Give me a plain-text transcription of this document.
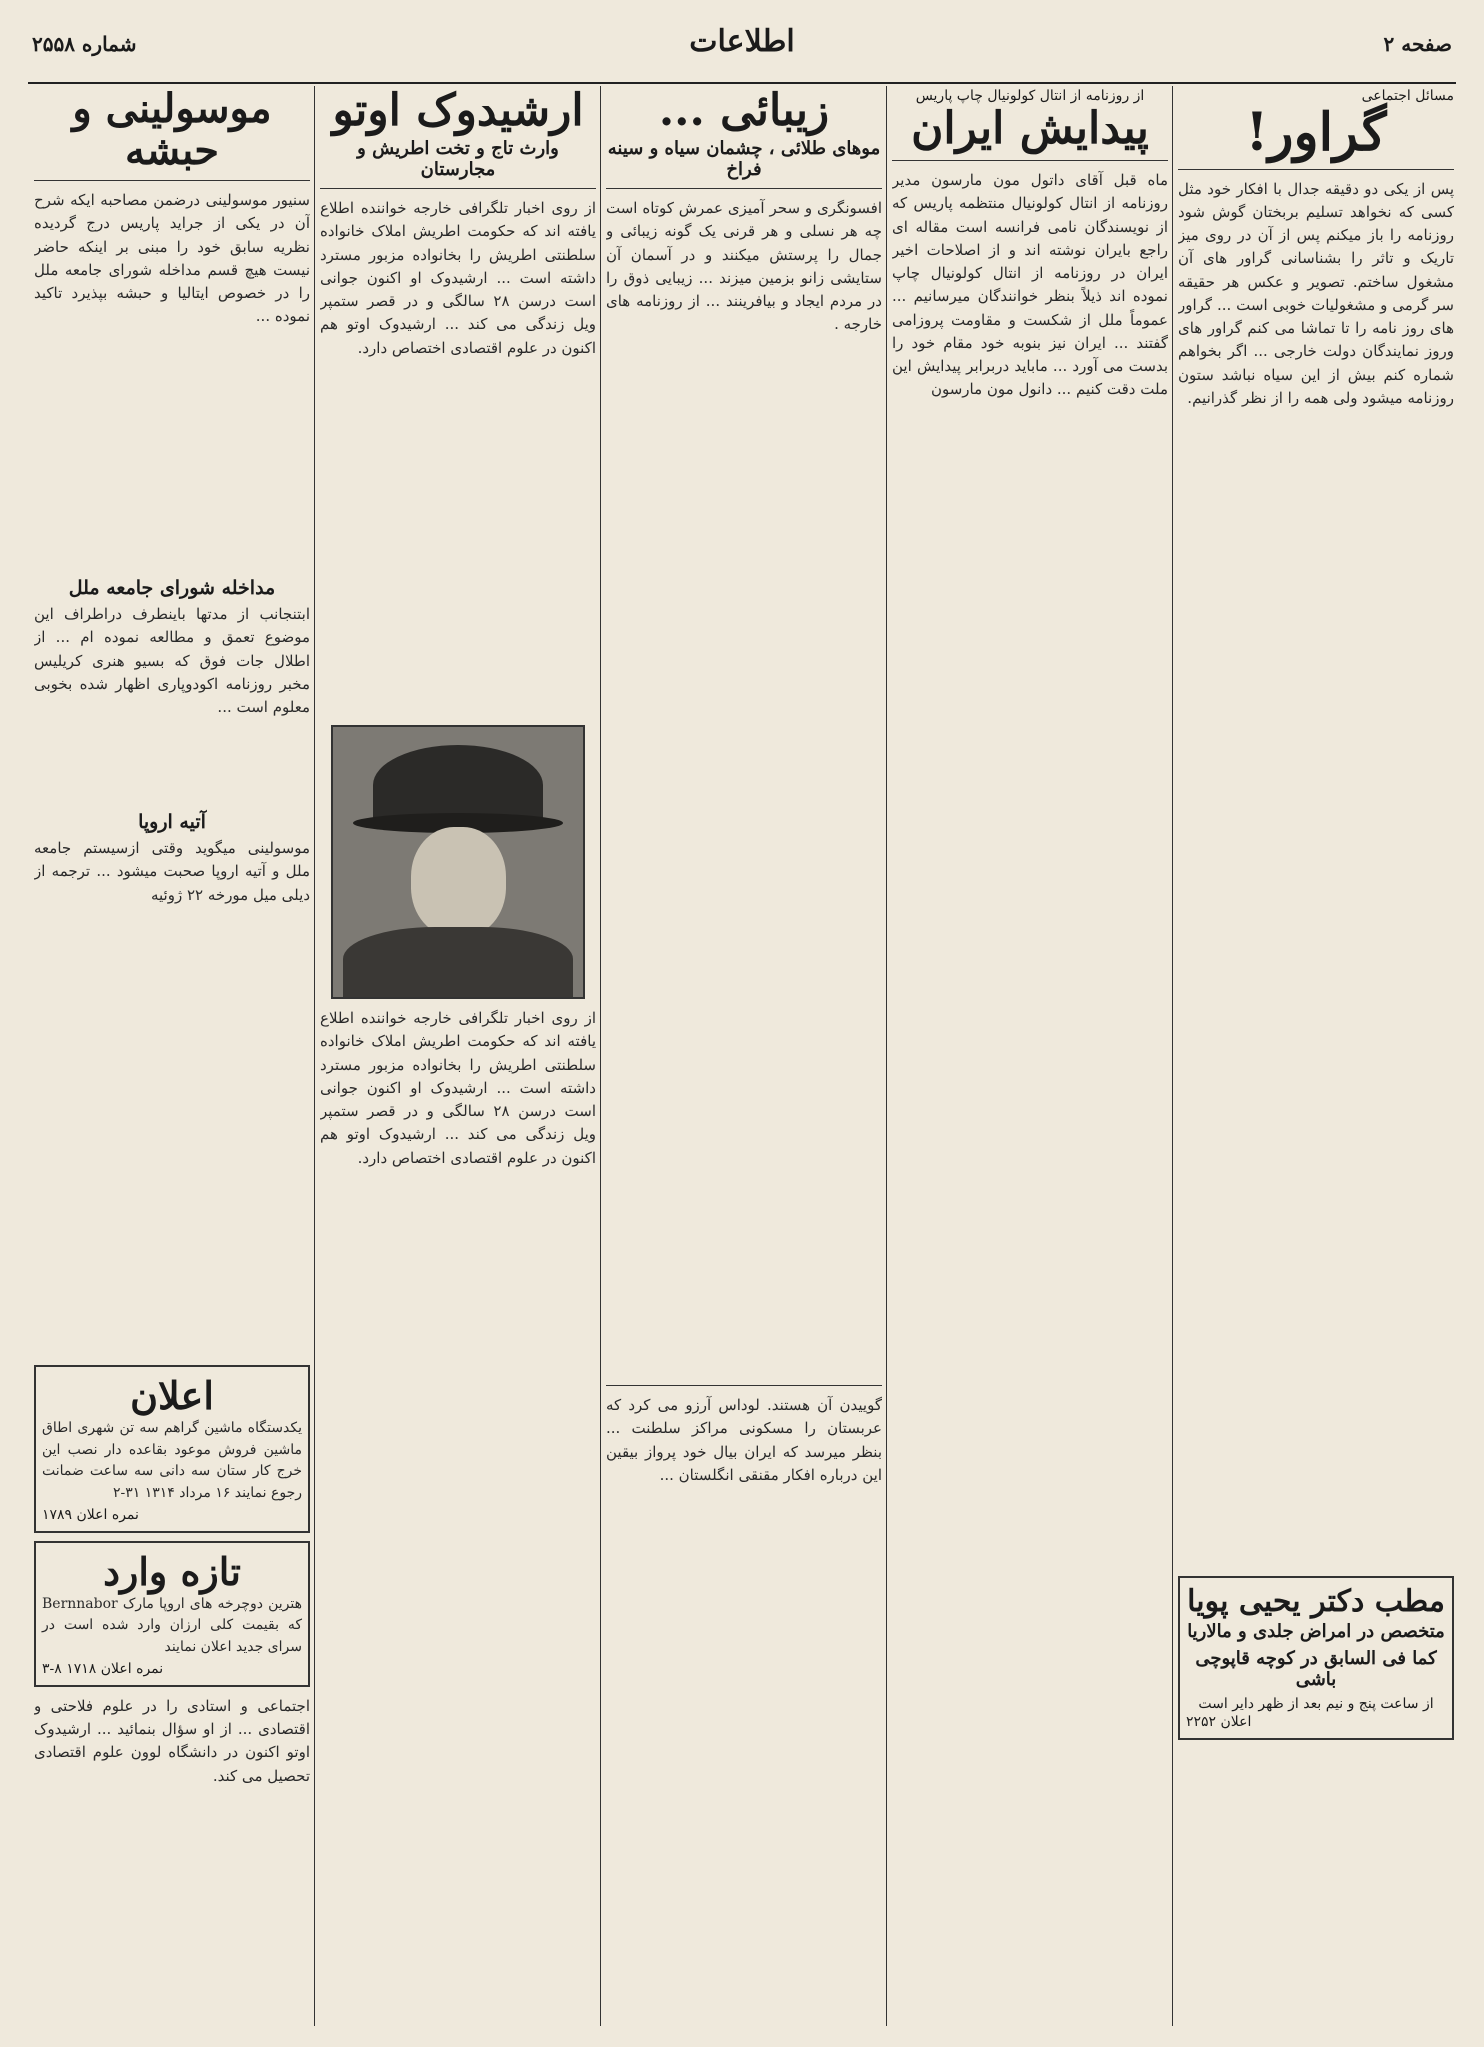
شماره ۲۵۵۸	اطلاعات	صفحه ۲
مسائل اجتماعی
گراور!

پس از یکی دو دقیقه جدال با افکار خود مثل کسی که نخواهد تسلیم بربختان گوش شود روزنامه را باز میکنم پس از آن در روی میز تاریک و تاثر را بشناسانی گراور های آن مشغول ساختم. تصویر و عکس هر حقیقه سر گرمی و مشغولیات خوبی است ... گراور های روز نامه را تا تماشا می کنم گراور های وروز نمایندگان دولت خارجی ... اگر بخواهم شماره کنم بیش از این سیاه نباشد ستون روزنامه میشود ولی همه را از نظر گذرانیم.

مطب دکتر یحیی پویا
متخصص در امراض جلدی و مالاریا
کما فی السابق در کوچه قاپوچی باشی
از ساعت پنج و نیم بعد از ظهر دایر است
اعلان ۲۲۵۲
از روزنامه از انتال کولونیال چاپ پاریس
پیدایش ایران

ماه قبل آقای داتول مون مارسون مدیر روزنامه از انتال کولونیال منتظمه پاریس که از نویسندگان نامی فرانسه است مقاله ای راجع بایران نوشته اند و از اصلاحات اخیر ایران در روزنامه از انتال کولونیال چاپ نموده اند ذیلاً بنظر خوانندگان میرسانیم ... عموماً ملل از شکست و مقاومت پروزامی گفتند ... ایران نیز بنوبه خود مقام خود را بدست می آورد ... ماباید دربرابر پیدایش این ملت دقت کنیم ... دانول مون مارسون

زیبائی ...
موهای طلائی ، چشمان سیاه و سینه فراخ

افسونگری و سحر آمیزی عمرش کوتاه است چه هر نسلی و هر قرنی یک گونه زیبائی و جمال را پرستش میکنند و در آسمان آن ستایشی زانو بزمین میزند ... زیبایی ذوق را در مردم ایجاد و بیافرینند ... از روزنامه های خارجه .

گوییدن آن هستند. لوداس آرزو می کرد که عربستان را مسکونی مراکز سلطنت ... بنظر میرسد که ایران بیال خود پرواز بیقین این درباره افکار مقنقی انگلستان ...

ارشیدوک اوتو
وارث تاج و تخت اطریش و مجارستان

از روی اخبار تلگرافی خارجه خواننده اطلاع یافته اند که حکومت اطریش املاک خانواده سلطنتی اطریش را بخانواده مزبور مسترد داشته است ... ارشیدوک او اکنون جوانی است درسن ۲۸ سالگی و در قصر ستمپر ویل زندگی می کند ... ارشیدوک اوتو هم اکنون در علوم اقتصادی اختصاص دارد.

از روی اخبار تلگرافی خارجه خواننده اطلاع یافته اند که حکومت اطریش املاک خانواده سلطنتی اطریش را بخانواده مزبور مسترد داشته است ... ارشیدوک او اکنون جوانی است درسن ۲۸ سالگی و در قصر ستمپر ویل زندگی می کند ... ارشیدوک اوتو هم اکنون در علوم اقتصادی اختصاص دارد.

موسولینی و حبشه

سنیور موسولینی درضمن مصاحبه ایکه شرح آن در یکی از جراید پاریس درج گردیده نظریه سابق خود را مبنی بر اینکه حاضر نیست هیچ قسم مداخله شورای جامعه ملل را در خصوص ایتالیا و حبشه بپذیرد تاکید نموده ...

مداخله شورای جامعه ملل

ابتنجانب از مدتها باینطرف دراطراف این موضوع تعمق و مطالعه نموده ام ... از اطلال جات فوق که بسیو هنری کریلیس مخبر روزنامه اکودوپاری اظهار شده بخوبی معلوم است ...

آتیه اروپا

موسولینی میگوید وقتی ازسیستم جامعه ملل و آتیه اروپا صحبت میشود ... ترجمه از دیلی میل مورخه ۲۲ ژوئیه

اعلان

یکدستگاه ماشین گراهم سه تن شهری اطاق ماشین فروش موعود بقاعده دار نصب این خرج کار ستان سه دانی سه ساعت ضمانت رجوع نمایند ۱۶ مرداد ۱۳۱۴ ۳۱-۲

نمره اعلان ۱۷۸۹
تازه وارد

هترین دوچرخه های اروپا مارک Bernnabor که بقیمت کلی ارزان وارد شده است در سرای جدید اعلان نمایند

نمره اعلان ۱۷۱۸ ۸-۳

اجتماعی و استادی را در علوم فلاحتی و اقتصادی ... از او سؤال بنمائید ... ارشیدوک اوتو اکنون در دانشگاه لوون علوم اقتصادی تحصیل می کند.
